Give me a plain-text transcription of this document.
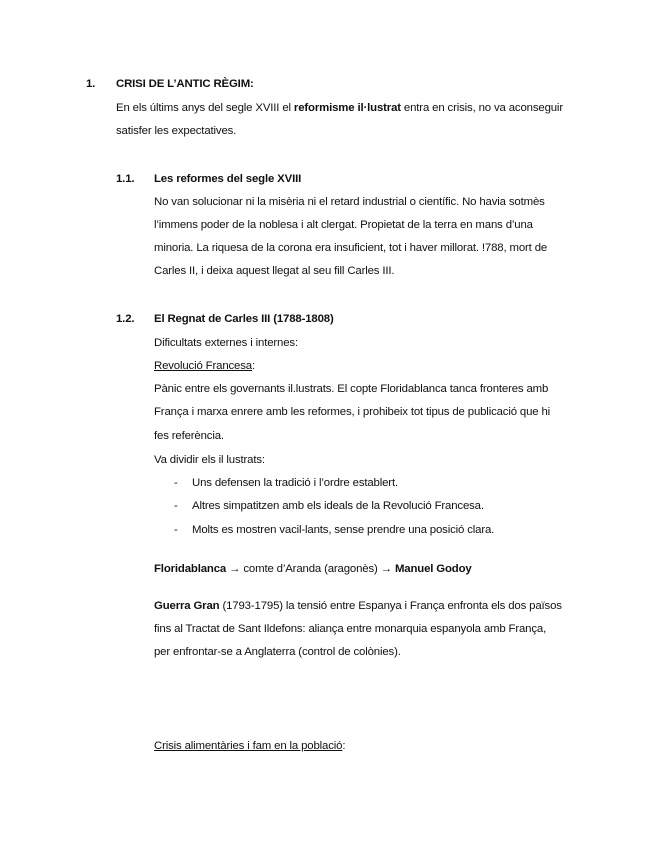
1. CRISI DE L’ANTIC RÈGIM:
En els últims anys del segle XVIII el reformisme il·lustrat entra en crisis, no va aconseguir
satisfer les expectatives.
1.1. Les reformes del segle XVIII
No van solucionar ni la misèria ni el retard industrial o científic. No havia sotmès
l’immens poder de la noblesa i alt clergat. Propietat de la terra en mans d’una
minoria. La riquesa de la corona era insuficient, tot i haver millorat. !788, mort de
Carles II, i deixa aquest llegat al seu fill Carles III.
1.2. El Regnat de Carles III (1788-1808)
Dificultats externes i internes:
Revolució Francesa:
Pànic entre els governants il.lustrats. El copte Floridablanca tanca fronteres amb
França i marxa enrere amb les reformes, i prohibeix tot tipus de publicació que hi
fes referència.
Va dividir els il lustrats:
- Uns defensen la tradició i l’ordre establert.
- Altres simpatitzen amb els ideals de la Revolució Francesa.
- Molts es mostren vacil-lants, sense prendre una posició clara.
Floridablanca → comte d’Aranda (aragonès) → Manuel Godoy
Guerra Gran (1793-1795) la tensió entre Espanya i França enfronta els dos països
fins al Tractat de Sant Ildefons: aliança entre monarquia espanyola amb França,
per enfrontar-se a Anglaterra (control de colònies).
Crisis alimentàries i fam en la població:
